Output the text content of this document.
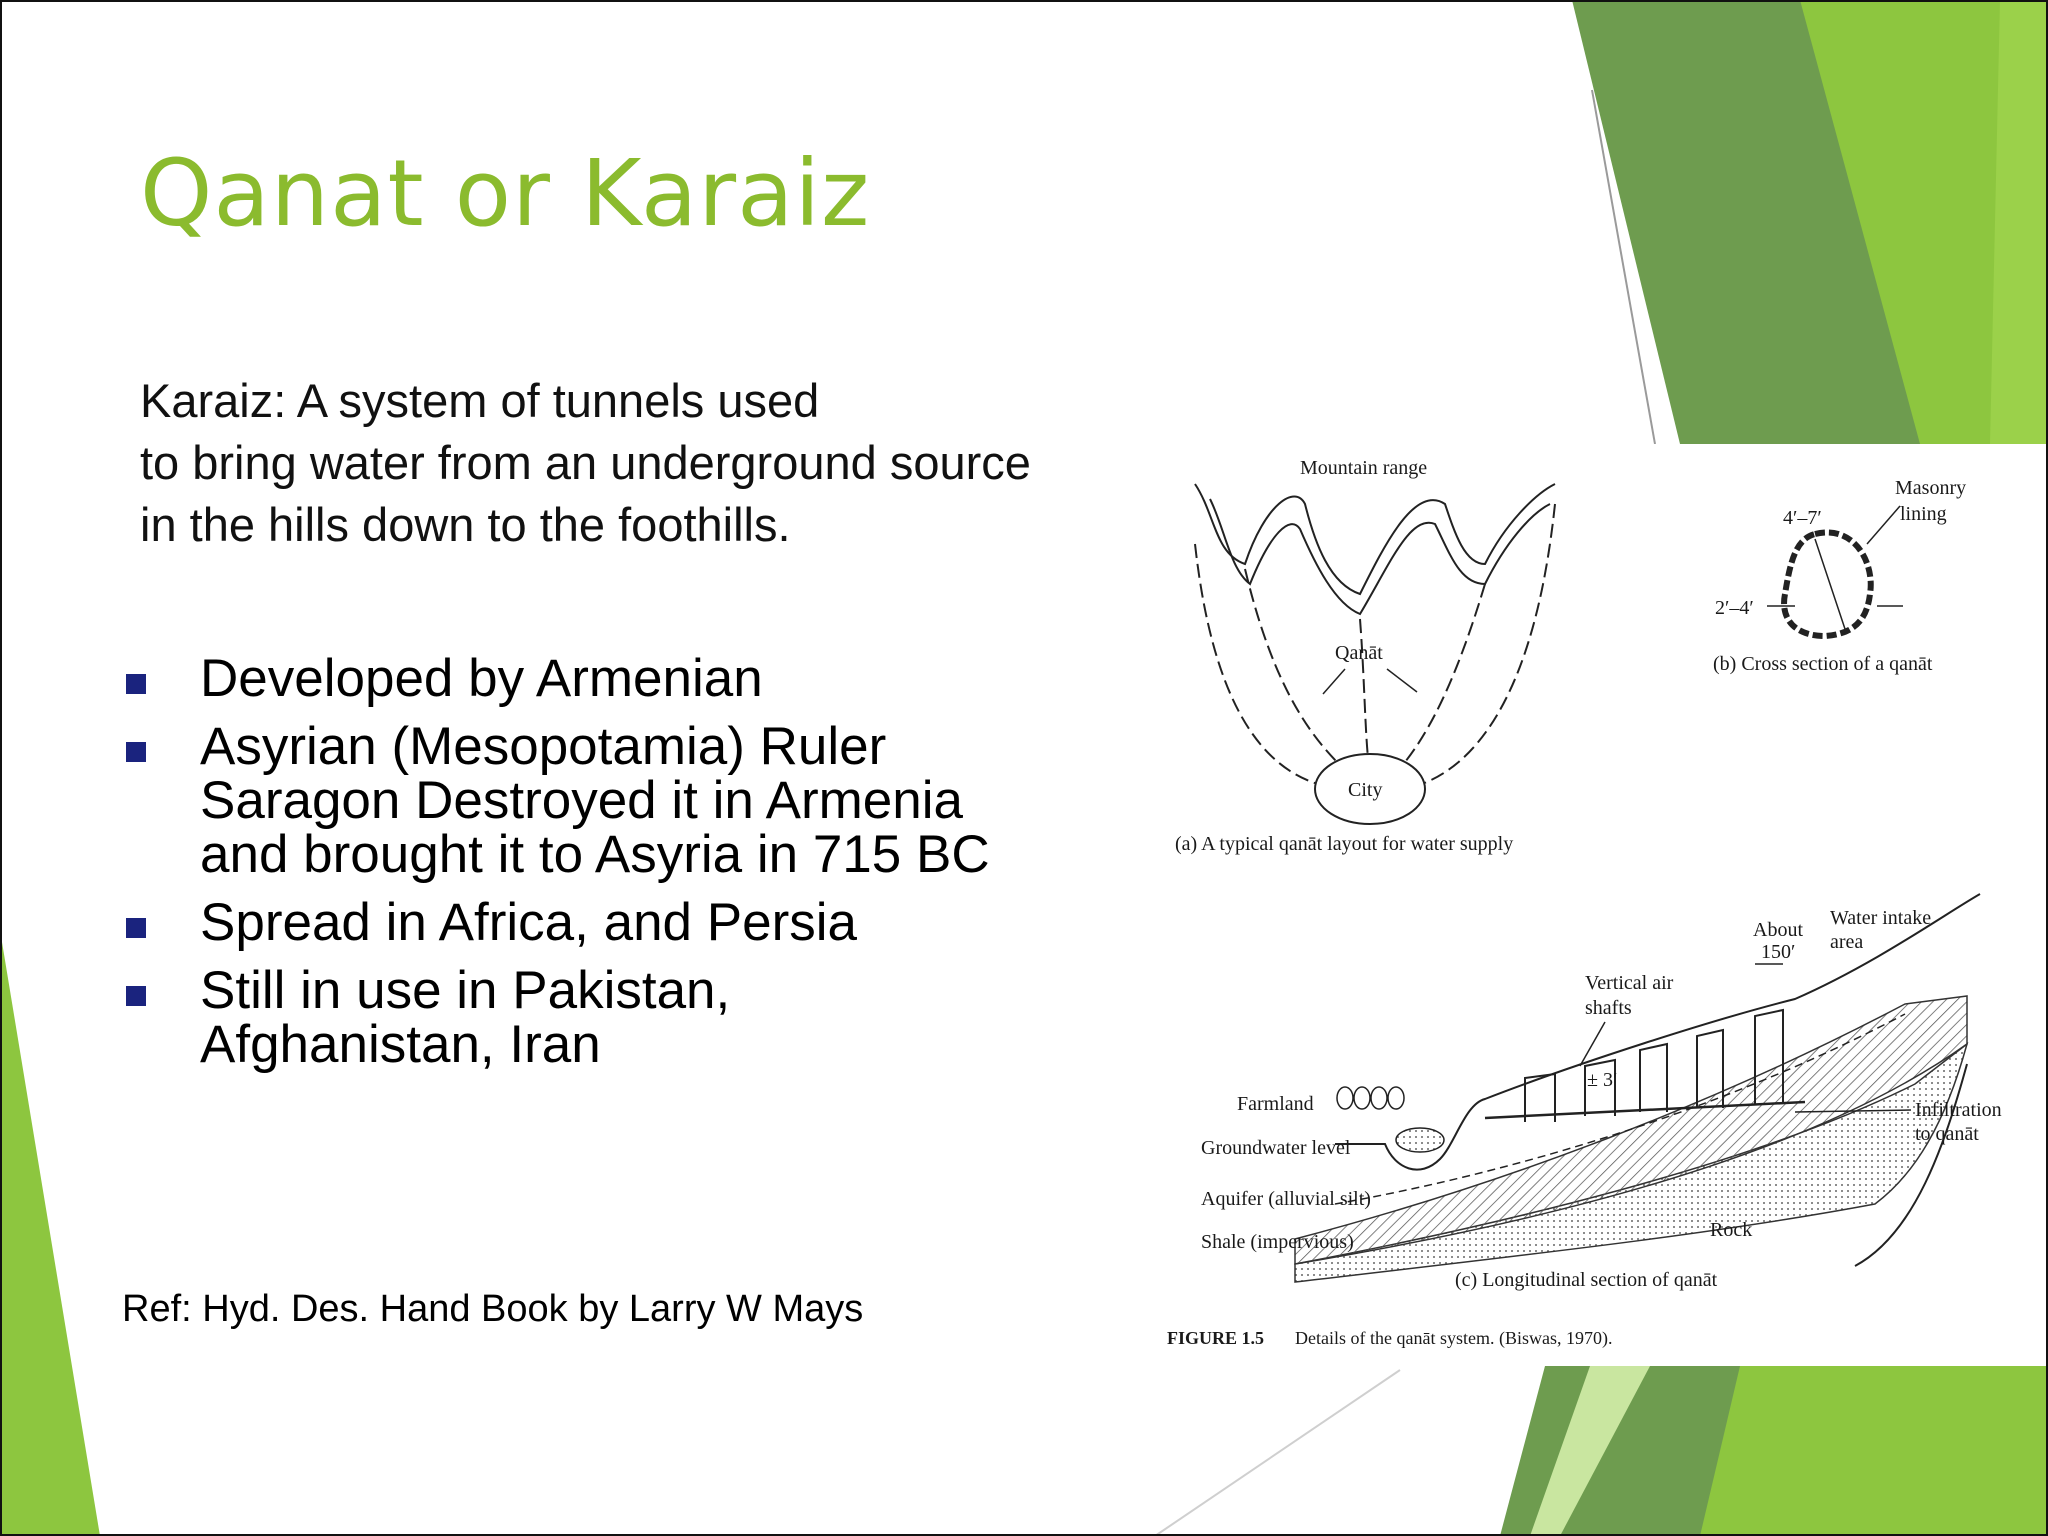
Qanat or Karaiz
Karaiz: A system of tunnels used
to bring water from an underground source
in the hills down to the foothills.
Developed by Armenian
Asyrian (Mesopotamia) Ruler
Saragon Destroyed it in Armenia
and brought it to Asyria in 715 BC
Spread in Africa, and Persia
Still in use in Pakistan,
Afghanistan, Iran
Ref: Hyd. Des. Hand Book by Larry W Mays
Mountain range
Qanāt
City
(a) A typical qanāt layout for water supply
Masonry
lining
4′–7′
2′–4′
(b) Cross section of a qanāt
About
150′
Water intake
area
Vertical air
shafts
± 3′
Farmland
Groundwater level
Aquifer (alluvial silt)
Shale (impervious)
Rock
Infiltration
to qanāt
(c) Longitudinal section of qanāt
FIGURE 1.5 Details of the qanāt system. (Biswas, 1970).
